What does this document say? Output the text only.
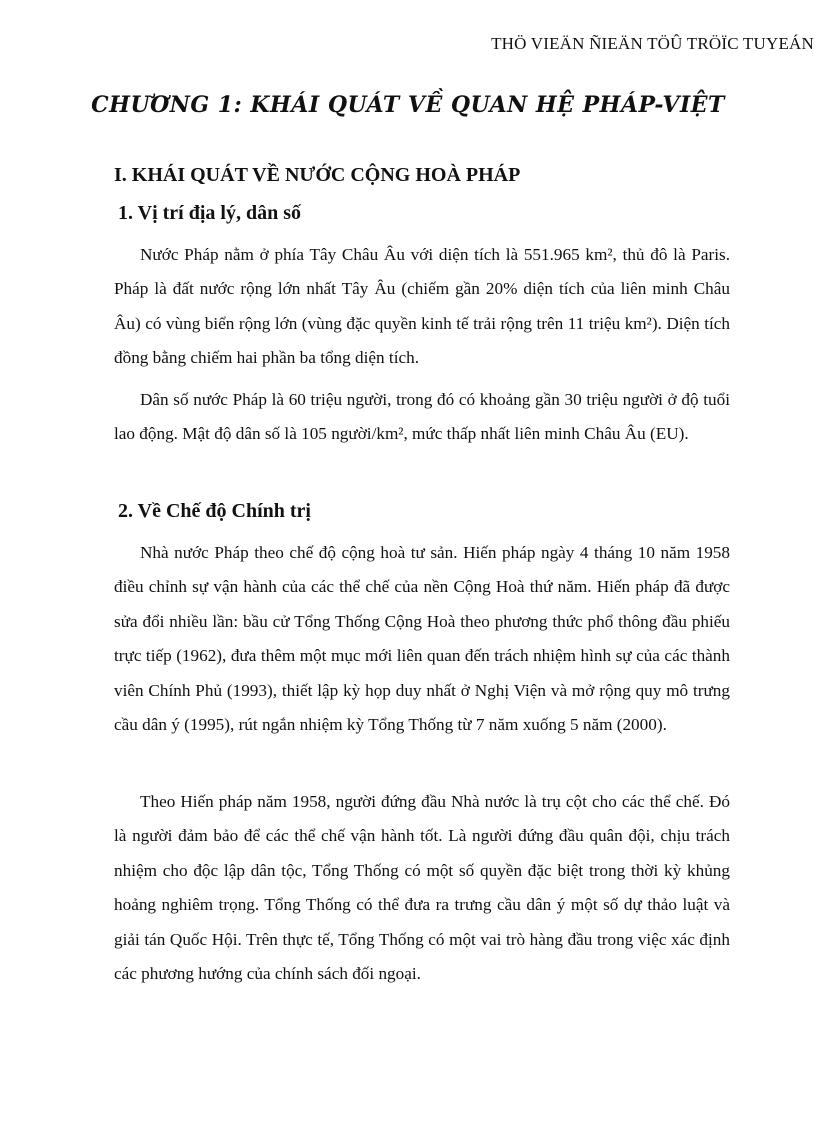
THÖ VIEÄN ÑIEÄN TÖÛ TRÖÏC TUYEÁN
CHƯƠNG 1: KHÁI QUÁT VỀ QUAN HỆ PHÁP-VIỆT
I. KHÁI QUÁT VỀ NƯỚC CỘNG HOÀ PHÁP
1. Vị trí địa lý, dân số

Nước Pháp nằm ở phía Tây Châu Âu với diện tích là 551.965 km², thủ đô là Paris. Pháp là đất nước rộng lớn nhất Tây Âu (chiếm gần 20% diện tích của liên minh Châu Âu) có vùng biển rộng lớn (vùng đặc quyền kinh tế trải rộng trên 11 triệu km²). Diện tích đồng bằng chiếm hai phần ba tổng diện tích.

Dân số nước Pháp là 60 triệu người, trong đó có khoảng gần 30 triệu người ở độ tuổi lao động. Mật độ dân số là 105 người/km², mức thấp nhất liên minh Châu Âu (EU).

2. Về Chế độ Chính trị

Nhà nước Pháp theo chế độ cộng hoà tư sản. Hiến pháp ngày 4 tháng 10 năm 1958 điều chỉnh sự vận hành của các thể chế của nền Cộng Hoà thứ năm. Hiến pháp đã được sửa đổi nhiều lần: bầu cử Tổng Thống Cộng Hoà theo phương thức phổ thông đầu phiếu trực tiếp (1962), đưa thêm một mục mới liên quan đến trách nhiệm hình sự của các thành viên Chính Phủ (1993), thiết lập kỳ họp duy nhất ở Nghị Viện và mở rộng quy mô trưng cầu dân ý (1995), rút ngắn nhiệm kỳ Tổng Thống từ 7 năm xuống 5 năm (2000).

Theo Hiến pháp năm 1958, người đứng đầu Nhà nước là trụ cột cho các thể chế. Đó là người đảm bảo để các thể chế vận hành tốt. Là người đứng đầu quân đội, chịu trách nhiệm cho độc lập dân tộc, Tổng Thống có một số quyền đặc biệt trong thời kỳ khủng hoảng nghiêm trọng. Tổng Thống có thể đưa ra trưng cầu dân ý một số dự thảo luật và giải tán Quốc Hội. Trên thực tế, Tổng Thống có một vai trò hàng đầu trong việc xác định các phương hướng của chính sách đối ngoại.
